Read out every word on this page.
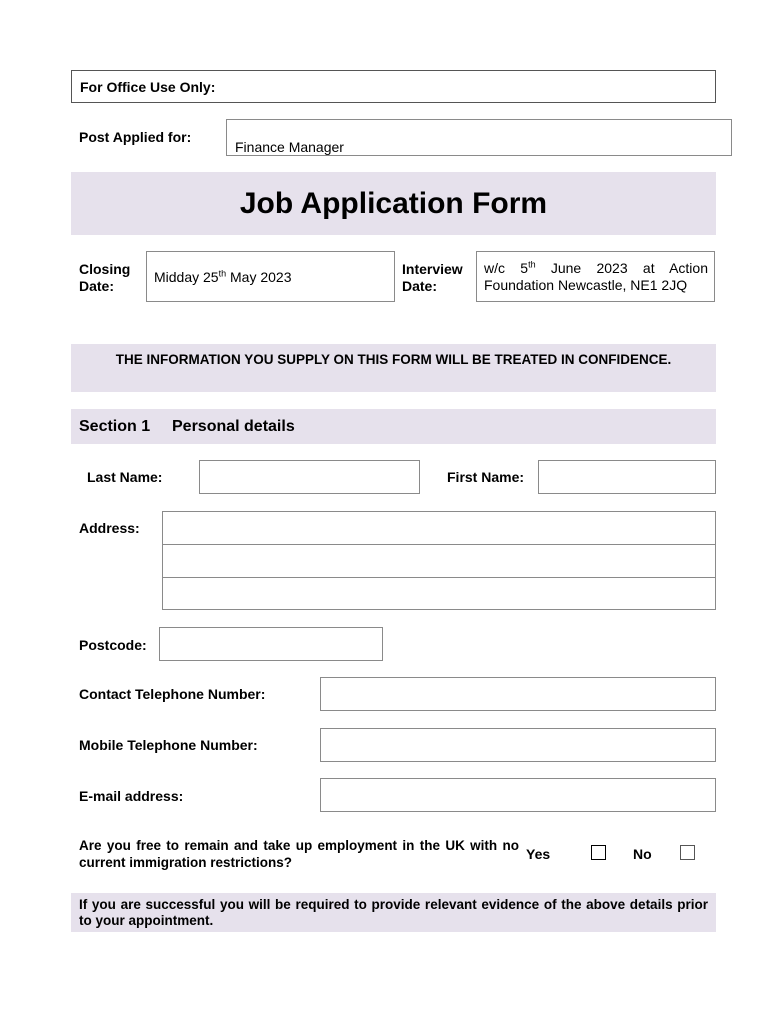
For Office Use Only:
Post Applied for:
Finance Manager
Job Application Form
Closing
Date:
Midday 25th May 2023	Interview
Date:
w/c 5th June 2023 at Action
Foundation Newcastle, NE1 2JQ
THE INFORMATION YOU SUPPLY ON THIS FORM WILL BE TREATED IN CONFIDENCE.
Section 1 Personal details
Last Name:	First Name:
Address:
Postcode:
Contact Telephone Number:
Mobile Telephone Number:
E-mail address:
Are you free to remain and take up employment in the UK with no current immigration restrictions?
Yes	No
If you are successful you will be required to provide relevant evidence of the above details prior to your appointment.
